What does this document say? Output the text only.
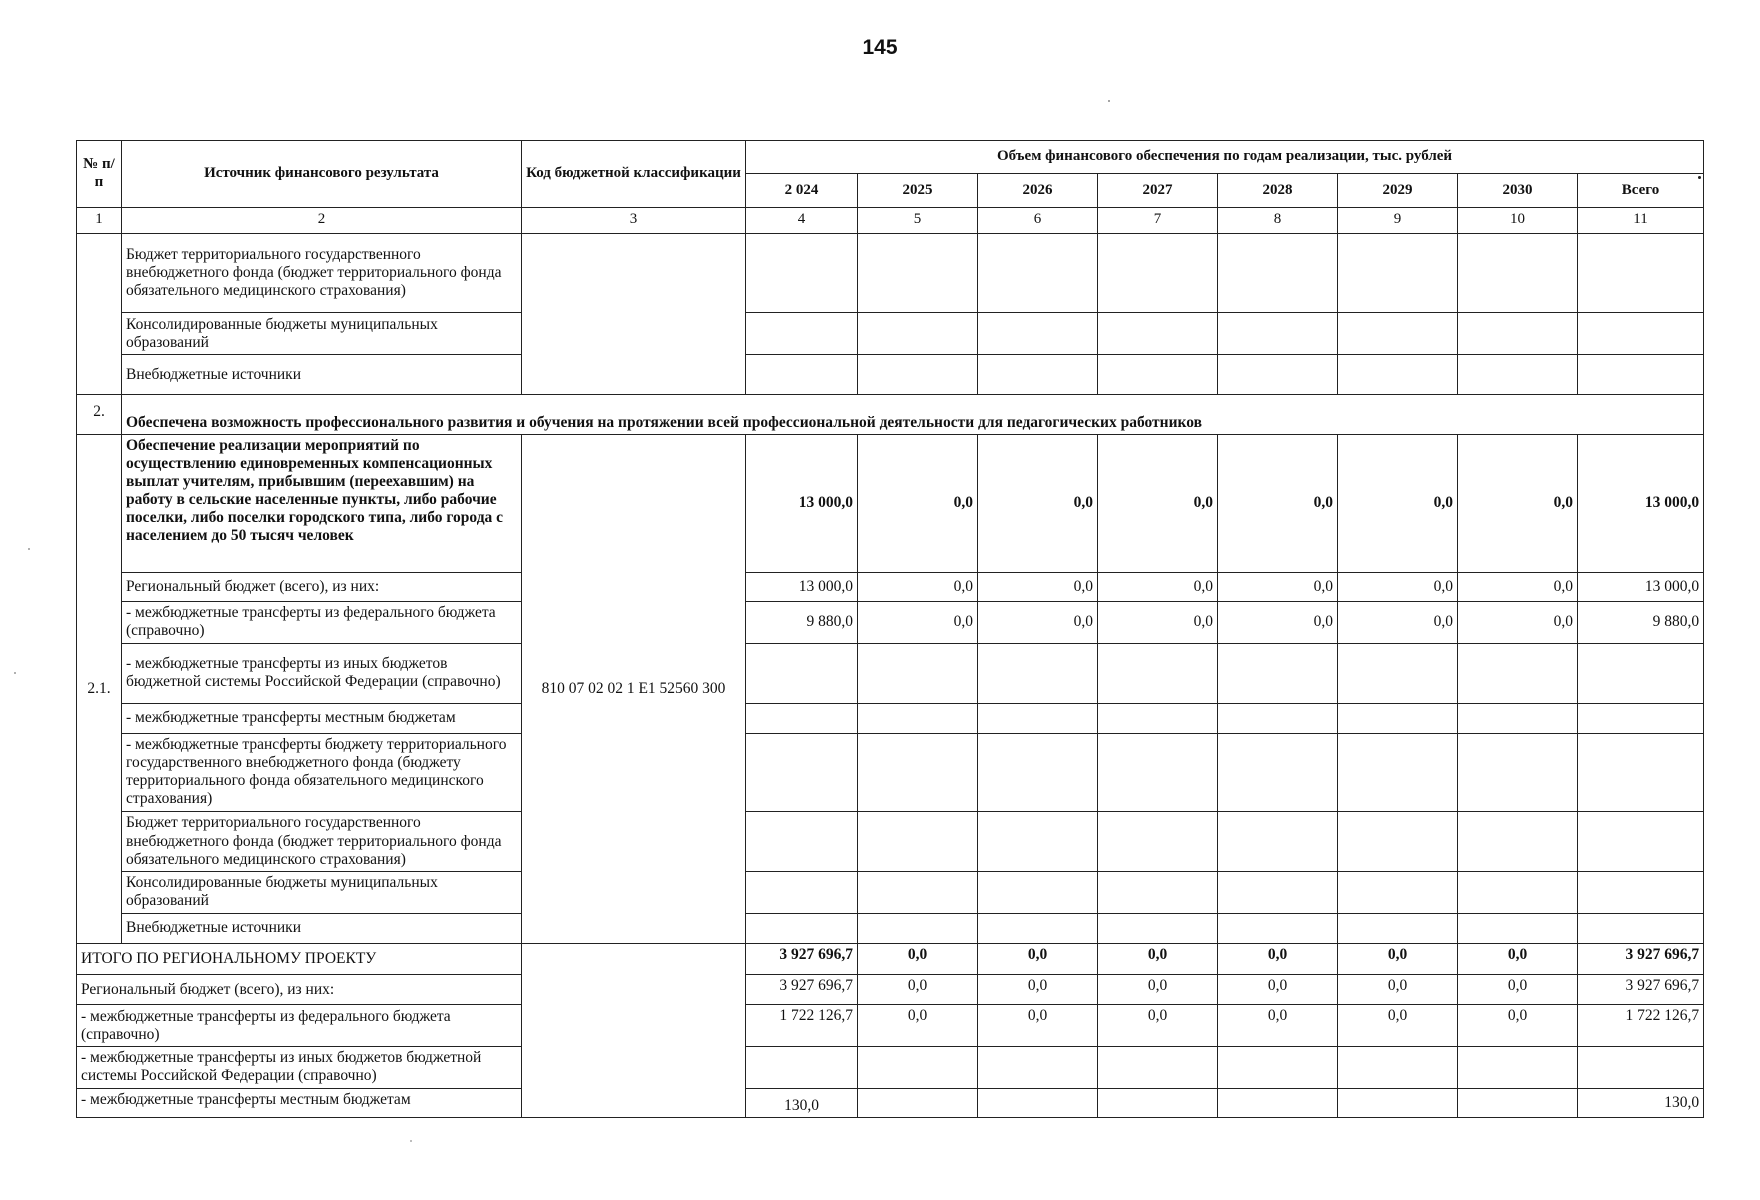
145
№ п/п	Источник финансового результата	Код бюджетной классификации	Объем финансового обеспечения по годам реализации, тыс. рублей							
			2 024	2025	2026	2027	2028	2029	2030	Всего
1	2	3	4	5	6	7	8	9	10	11
	Бюджет территориального государственного внебюджетного фонда (бюджет территориального фонда обязательного медицинского страхования)									
	Консолидированные бюджеты муниципальных образований									
	Внебюджетные источники									
2.	Обеспечена возможность профессионального развития и обучения на протяжении всей профессиональной деятельности для педагогических работников									
2.1.	Обеспечение реализации мероприятий по осуществлению единовременных компенсационных выплат учителям, прибывшим (переехавшим) на работу в сельские населенные пункты, либо рабочие поселки, либо поселки городского типа, либо города с населением до 50 тысяч человек	810 07 02 02 1 E1 52560 300	13 000,0	0,0	0,0	0,0	0,0	0,0	0,0	13 000,0
	Региональный бюджет (всего), из них:		13 000,0	0,0	0,0	0,0	0,0	0,0	0,0	13 000,0
	- межбюджетные трансферты из федерального бюджета (справочно)		9 880,0	0,0	0,0	0,0	0,0	0,0	0,0	9 880,0
	- межбюджетные трансферты из иных бюджетов бюджетной системы Российской Федерации (справочно)									
	- межбюджетные трансферты местным бюджетам									
	- межбюджетные трансферты бюджету территориального государственного внебюджетного фонда (бюджету территориального фонда обязательного медицинского страхования)									
	Бюджет территориального государственного внебюджетного фонда (бюджет территориального фонда обязательного медицинского страхования)									
	Консолидированные бюджеты муниципальных образований									
	Внебюджетные источники									
ИТОГО ПО РЕГИОНАЛЬНОМУ ПРОЕКТУ			3 927 696,7	0,0	0,0	0,0	0,0	0,0	0,0	3 927 696,7
Региональный бюджет (всего), из них:			3 927 696,7	0,0	0,0	0,0	0,0	0,0	0,0	3 927 696,7
- межбюджетные трансферты из федерального бюджета (справочно)			1 722 126,7	0,0	0,0	0,0	0,0	0,0	0,0	1 722 126,7
- межбюджетные трансферты из иных бюджетов бюджетной системы Российской Федерации (справочно)										
- межбюджетные трансферты местным бюджетам			130,0							130,0
